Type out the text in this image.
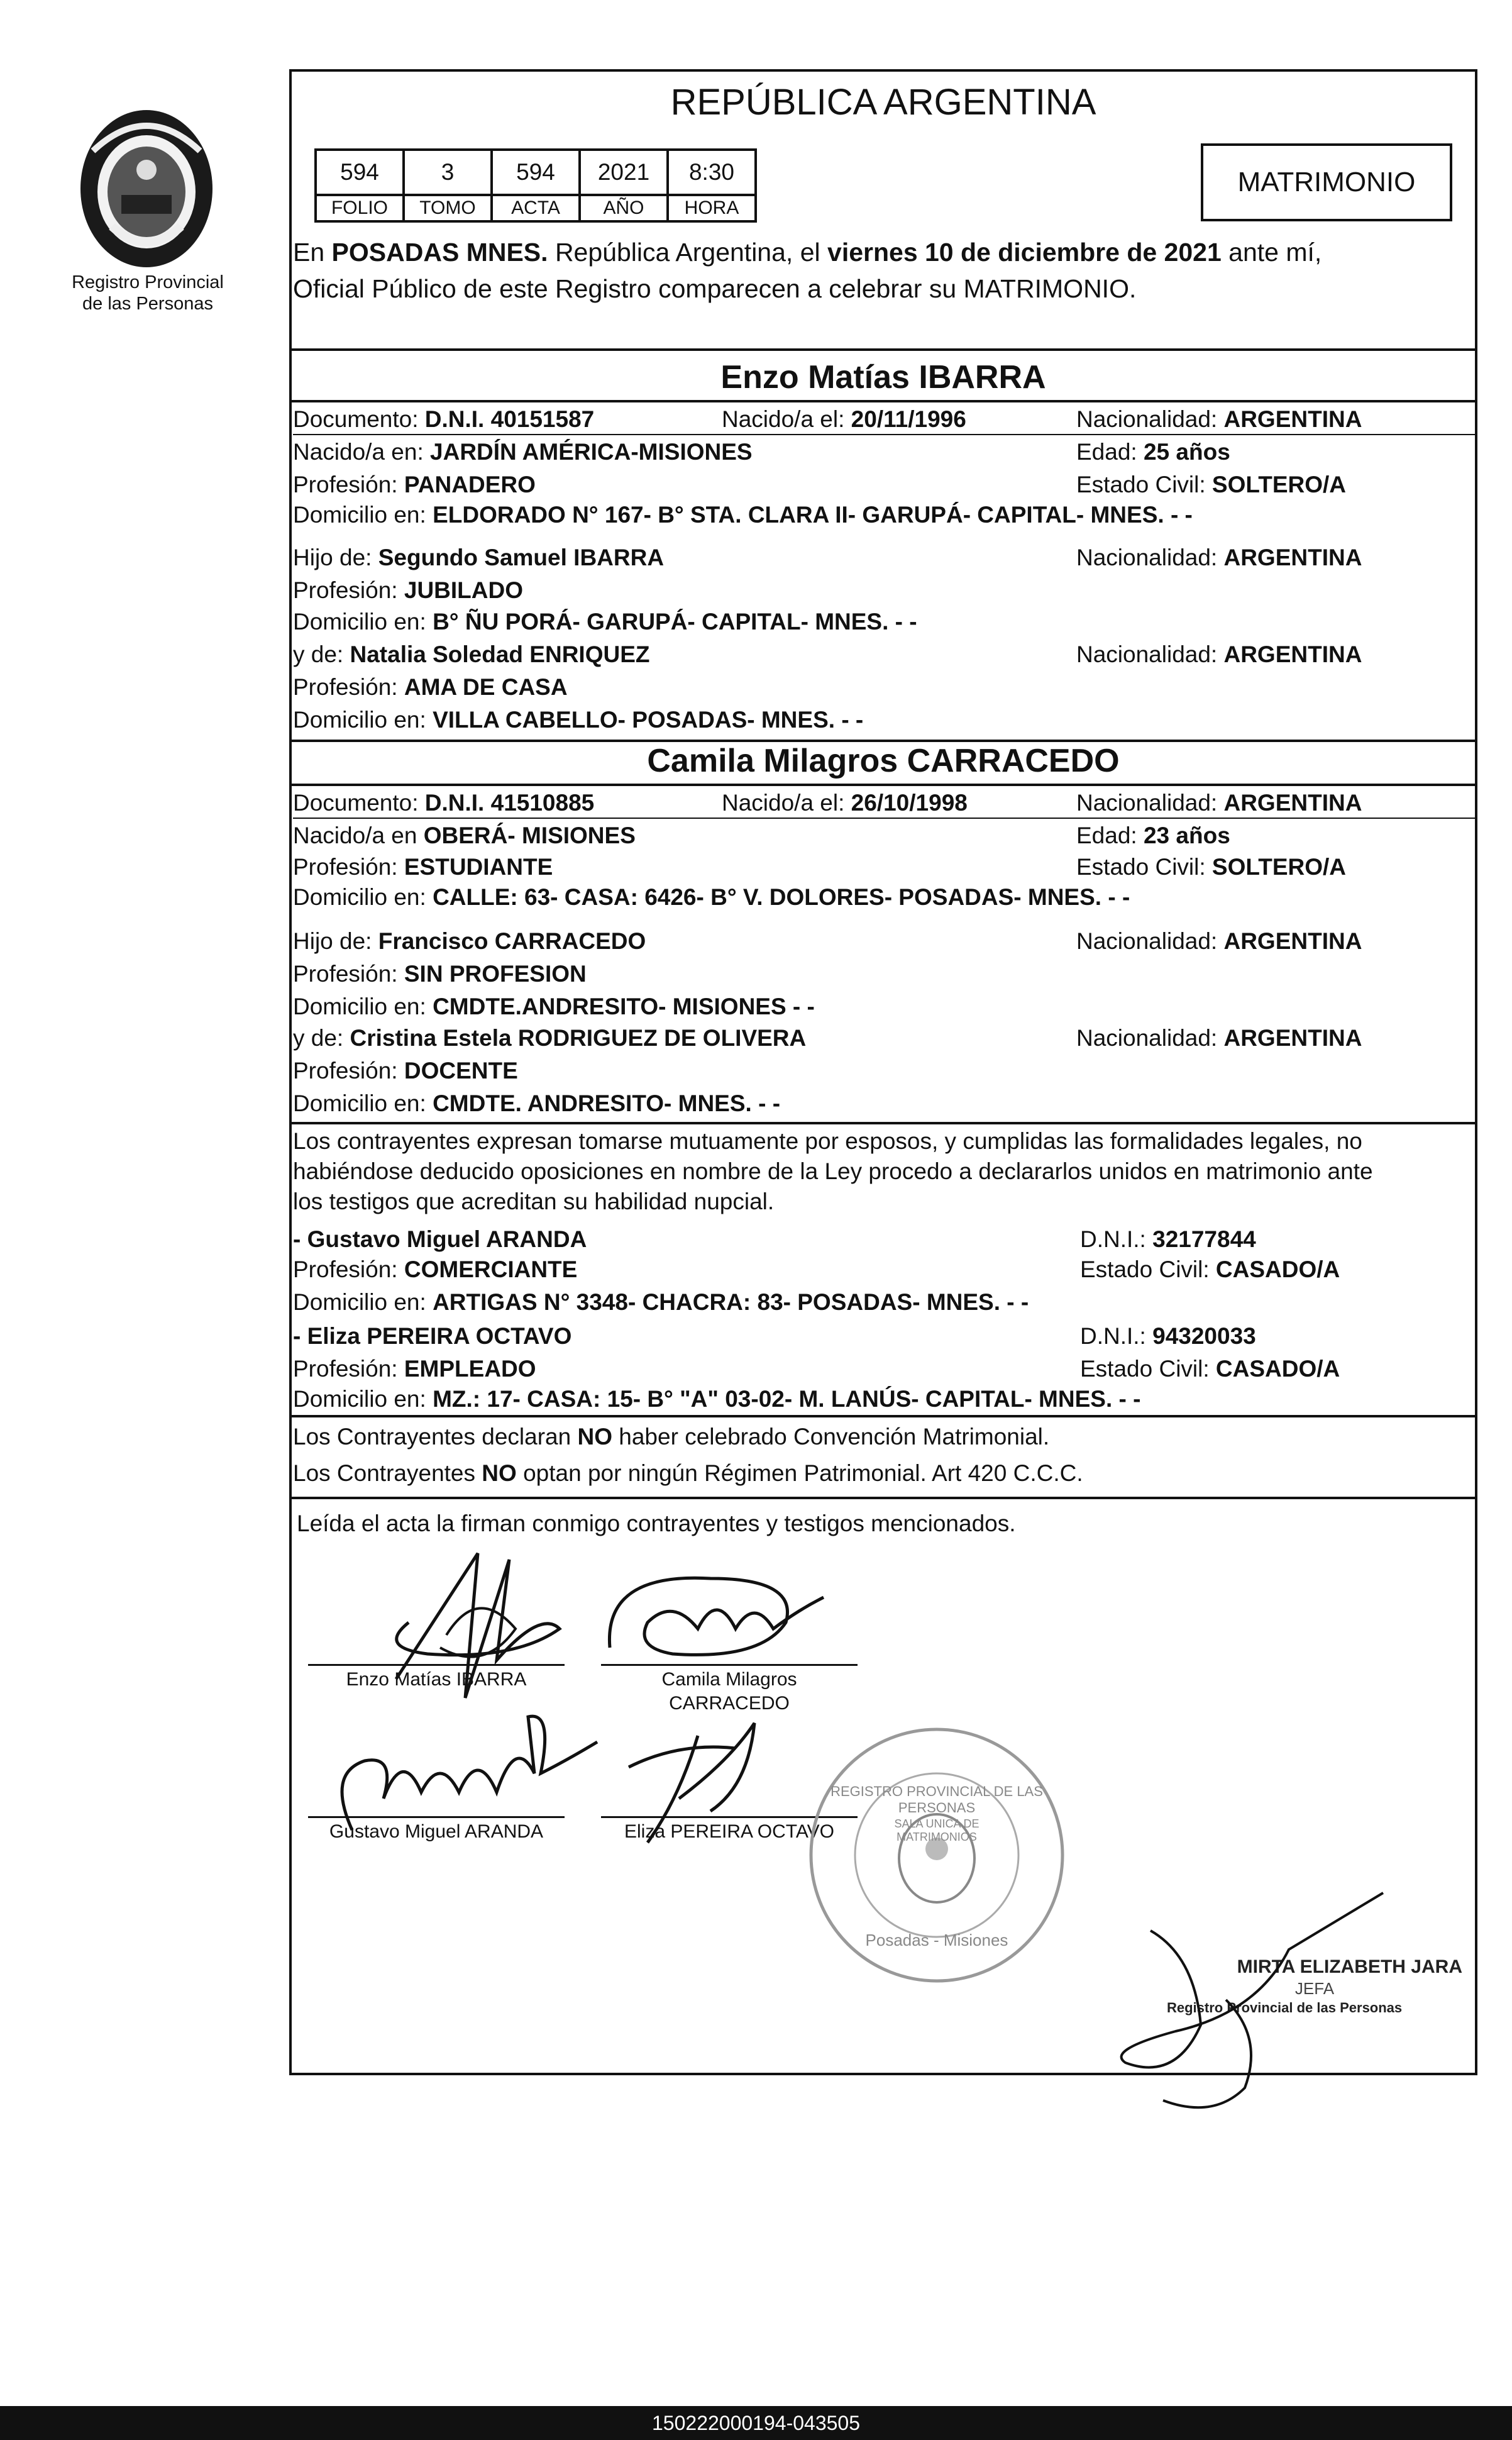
Registro Provincial
de las Personas
REPÚBLICA ARGENTINA
594	3	594	2021	8:30
FOLIO	TOMO	ACTA	AÑO	HORA
MATRIMONIO
En POSADAS MNES. República Argentina, el viernes 10 de diciembre de 2021 ante mí,
Oficial Público de este Registro comparecen a celebrar su MATRIMONIO.
Enzo Matías IBARRA
Documento: D.N.I. 40151587	Nacido/a el: 20/11/1996	Nacionalidad: ARGENTINA
Nacido/a en: JARDÍN AMÉRICA-MISIONES	Edad: 25 años
Profesión: PANADERO	Estado Civil: SOLTERO/A
Domicilio en: ELDORADO N° 167- B° STA. CLARA II- GARUPÁ- CAPITAL- MNES. - -
Hijo de: Segundo Samuel IBARRA	Nacionalidad: ARGENTINA
Profesión: JUBILADO
Domicilio en: B° ÑU PORÁ- GARUPÁ- CAPITAL- MNES. - -
y de: Natalia Soledad ENRIQUEZ	Nacionalidad: ARGENTINA
Profesión: AMA DE CASA
Domicilio en: VILLA CABELLO- POSADAS- MNES. - -
Camila Milagros CARRACEDO
Documento: D.N.I. 41510885	Nacido/a el: 26/10/1998	Nacionalidad: ARGENTINA
Nacido/a en OBERÁ- MISIONES	Edad: 23 años
Profesión: ESTUDIANTE	Estado Civil: SOLTERO/A
Domicilio en: CALLE: 63- CASA: 6426- B° V. DOLORES- POSADAS- MNES. - -
Hijo de: Francisco CARRACEDO	Nacionalidad: ARGENTINA
Profesión: SIN PROFESION
Domicilio en: CMDTE.ANDRESITO- MISIONES - -
y de: Cristina Estela RODRIGUEZ DE OLIVERA	Nacionalidad: ARGENTINA
Profesión: DOCENTE
Domicilio en: CMDTE. ANDRESITO- MNES. - -
Los contrayentes expresan tomarse mutuamente por esposos, y cumplidas las formalidades legales, no
habiéndose deducido oposiciones en nombre de la Ley procedo a declararlos unidos en matrimonio ante
los testigos que acreditan su habilidad nupcial.
- Gustavo Miguel ARANDA	D.N.I.: 32177844
Profesión: COMERCIANTE	Estado Civil: CASADO/A
Domicilio en: ARTIGAS N° 3348- CHACRA: 83- POSADAS- MNES. - -
- Eliza PEREIRA OCTAVO	D.N.I.: 94320033
Profesión: EMPLEADO	Estado Civil: CASADO/A
Domicilio en: MZ.: 17- CASA: 15- B° "A" 03-02- M. LANÚS- CAPITAL- MNES. - -
Los Contrayentes declaran NO haber celebrado Convención Matrimonial.
Los Contrayentes NO optan por ningún Régimen Patrimonial. Art 420 C.C.C.
Leída el acta la firman conmigo contrayentes y testigos mencionados.
Enzo Matías IBARRA	Camila Milagros
CARRACEDO
Gustavo Miguel ARANDA	Eliza PEREIRA OCTAVO
REGISTRO PROVINCIAL DE LAS PERSONAS
SALA UNICA DE MATRIMONIOS
Posadas - Misiones
MIRTA ELIZABETH JARA
JEFA
Registro Provincial de las Personas
150222000194-043505
